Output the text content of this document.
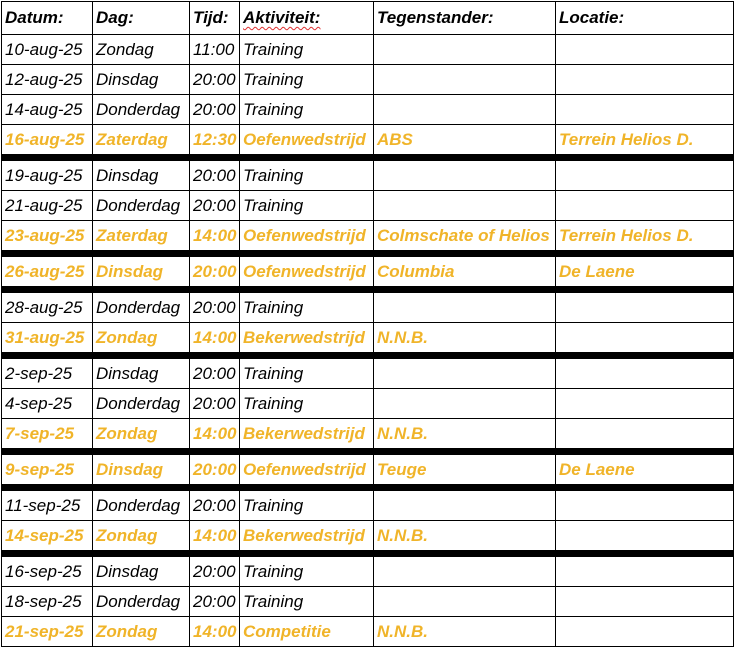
Datum:	Dag:	Tijd:	Aktiviteit:	Tegenstander:	Locatie:
10-aug-25	Zondag	11:00	Training		
12-aug-25	Dinsdag	20:00	Training		
14-aug-25	Donderdag	20:00	Training		
16-aug-25	Zaterdag	12:30	Oefenwedstrijd	ABS	Terrein Helios D.
19-aug-25	Dinsdag	20:00	Training		
21-aug-25	Donderdag	20:00	Training		
23-aug-25	Zaterdag	14:00	Oefenwedstrijd	Colmschate of Helios	Terrein Helios D.
26-aug-25	Dinsdag	20:00	Oefenwedstrijd	Columbia	De Laene
28-aug-25	Donderdag	20:00	Training		
31-aug-25	Zondag	14:00	Bekerwedstrijd	N.N.B.	
2-sep-25	Dinsdag	20:00	Training		
4-sep-25	Donderdag	20:00	Training		
7-sep-25	Zondag	14:00	Bekerwedstrijd	N.N.B.	
9-sep-25	Dinsdag	20:00	Oefenwedstrijd	Teuge	De Laene
11-sep-25	Donderdag	20:00	Training		
14-sep-25	Zondag	14:00	Bekerwedstrijd	N.N.B.	
16-sep-25	Dinsdag	20:00	Training		
18-sep-25	Donderdag	20:00	Training		
21-sep-25	Zondag	14:00	Competitie	N.N.B.	
